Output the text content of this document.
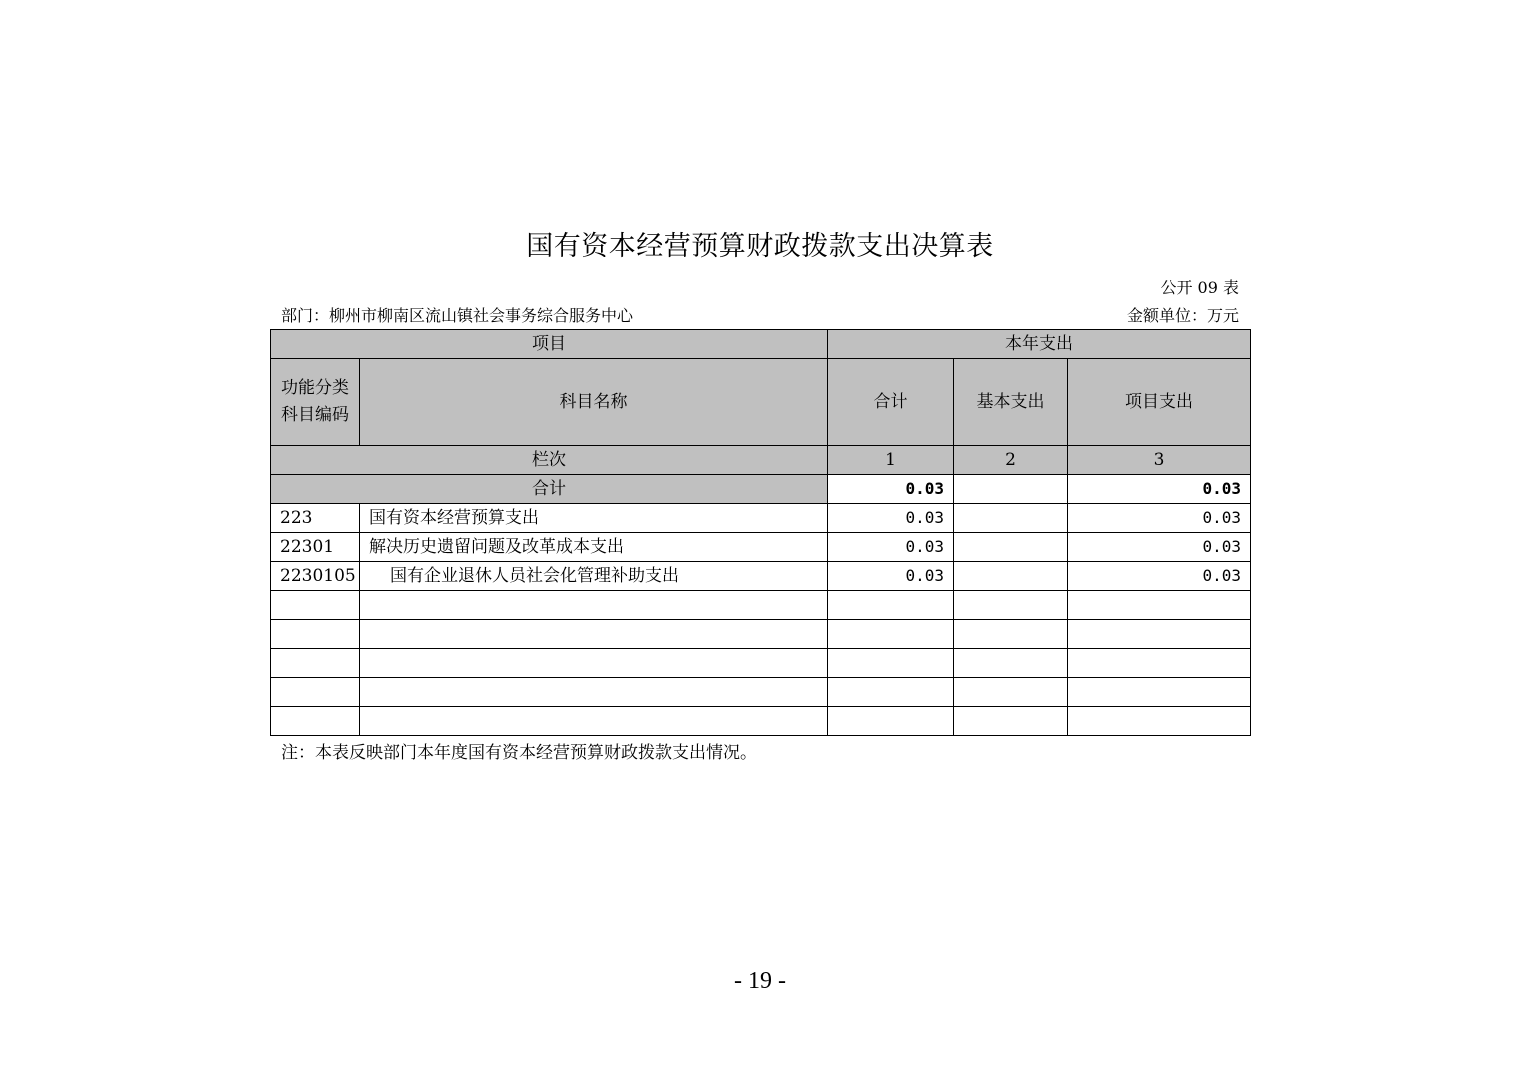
国有资本经营预算财政拨款支出决算表
公开 09 表
部门：柳州市柳南区流山镇社会事务综合服务中心	金额单位：万元
项目		本年支出		
功能分类科目编码	科目名称	合计	基本支出	项目支出
栏次		1	2	3
合计		0.03		0.03
223	国有资本经营预算支出	0.03		0.03
22301	解决历史遗留问题及改革成本支出	0.03		0.03
2230105	国有企业退休人员社会化管理补助支出	0.03		0.03

注：本表反映部门本年度国有资本经营预算财政拨款支出情况。
- 19 -
